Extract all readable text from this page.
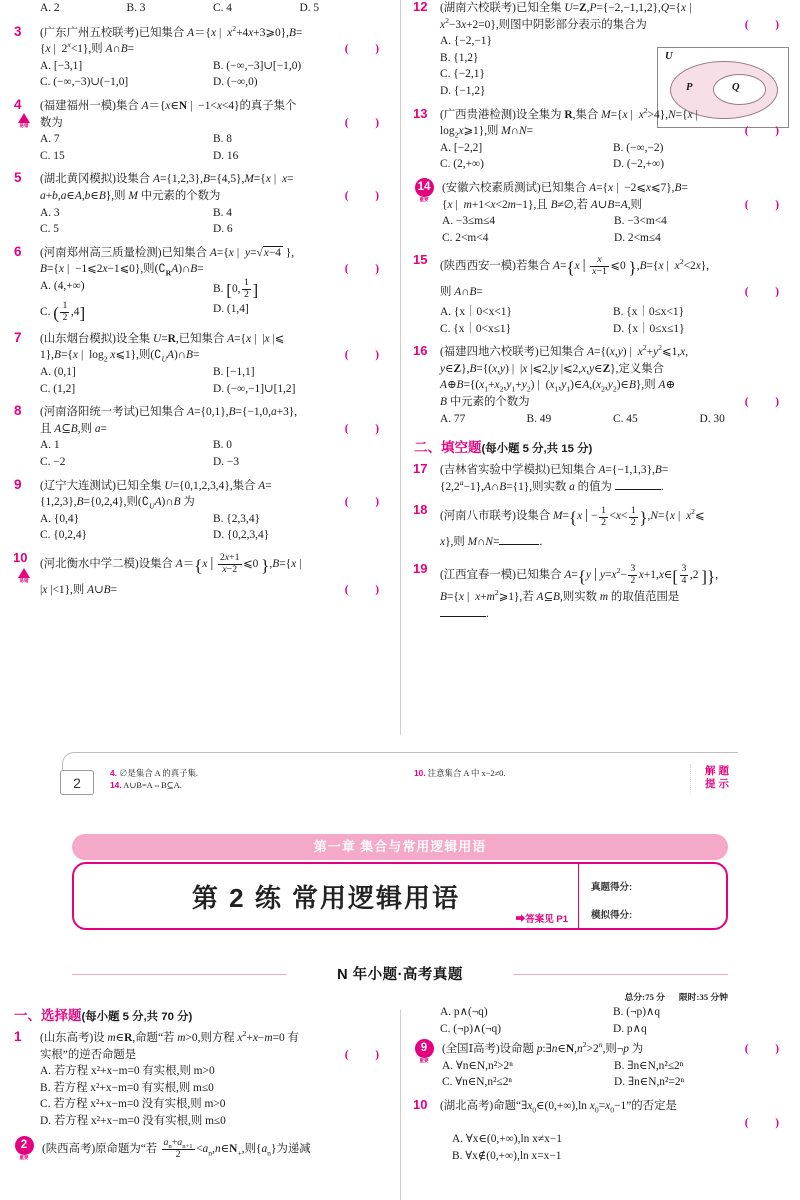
A. 2	B. 3	C. 4	D. 5
3 (广东广州五校联考)已知集合 A＝{x | $x^2+4x+3⩾0\},B=$
{x | $2^x<1$},则 A∩B=	(  )
A. [−3,1]	B. (−∞,−3]∪[−1,0)
C. (−∞,−3)∪(−1,0]	D. (−∞,0)
4
易错
(福建福州一模)集合 A＝{x∈N | −1<x<4}的真子集个
数为	(  )
A. 7	B. 8
C. 15	D. 16
5 (湖北黄冈模拟)设集合 A={1,2,3},B={4,5},M={x | x=
a+b,a∈A,b∈B},则 M 中元素的个数为	(  )
A. 3	B. 4
C. 5	D. 6
6 (河南郑州高三质量检测)已知集合 A={x | y=√x−4 },
B={x | −1⩽2x−1⩽0},则$(∁_RA)\cap B=$	(  )
A. (4,+∞)	B. [0, $\frac{1}{2}$ ]
C. ( $\frac{1}{2} ,4$]	D. (1,4]
7 (山东烟台模拟)设全集 U=R,已知集合 A={x | |x |⩽
1},B={x | $\log_2$ x⩽1},则$(∁_UA)\cap B=$	(  )
A. (0,1]	B. [−1,1]
C. (1,2]	D. (−∞,−1]∪[1,2]
8 (河南洛阳统一考试)已知集合 A={0,1},B={−1,0,a+3},
且 A⊆B,则 a=	(  )
A. 1	B. 0
C. −2	D. −3
9 (辽宁大连测试)已知全集 U={0,1,2,3,4},集合 A=
{1,2,3},B={0,2,4},则$(∁_UA)\cap B$ 为	(  )
A. {0,4}	B. {2,3,4}
C. {0,2,4}	D. {0,2,3,4}
10
易错
(河北衡水中学二模)设集合 A＝{x | $\frac{2x+1}{x-2}$ ⩽0 },B={x |
|x |<1},则 A∪B=	(  )
12 (湖南六校联考)已知全集 U=Z,P={−2,−1,1,2},Q={x |
$x^2-3x+2=0$},则图中阴影部分表示的集合为	(  )
A. {−2,−1}
B. {1,2}
C. {−2,1}
D. {−1,2}
U
P	Q
13 (广西贵港检测)设全集为 R,集合 M={x | $x^2>4\},N=\{x$ |
$\log_2x⩾1$},则 M∩N=	(  )
A. [−2,2]	B. (−∞,−2)
C. (2,+∞)	D. (−2,+∞)
14
重要
(安徽六校素质测试)已知集合 A={x | −2⩽x⩽7},B=
{x | m+1<x<2m−1},且 B≠∅,若 A∪B=A,则	(  )
A. −3≤m≤4	B. −3<m<4
C. 2<m<4	D. 2<m≤4
15 (陕西西安一模)若集合 A={x | $\frac{x}{x-1}$ ⩽0 },B={x | $x^2<2x$},
则 A∩B=	(  )
A. {x｜0<x<1}	B. {x｜0≤x<1}
C. {x｜0<x≤1}	D. {x｜0≤x≤1}
16 (福建四地六校联考)已知集合 A={(x,y) | $x^2+y^2⩽1,x$,
y∈Z},B={(x,y) | |x |⩽2,|y |⩽2,x,y∈Z},定义集合
$A\oplus B=\{(x_1+x_2,y_1+y_2)$ | $(x_1,y_1)\in A,(x_2,y_2)\in B$},则 A⊕
B 中元素的个数为	(  )
A. 77	B. 49	C. 45	D. 30
二、填空题(每小题 5 分,共 15 分)
17 (吉林省实验中学模拟)已知集合 A={−1,1,3},B=
{2,2$^a$−1},A∩B={1},则实数 a 的值为	.
18 (河南八市联考)设集合 M={x | − $\frac{1}{2} <x< \frac{1}{2} \},N=\{x$ | $x^2⩽$
x},则 M∩N=	.
19 (江西宜春一模)已知集合 A={y | $y=x^2- \frac{3}{2}$ x+1,x∈[ $\frac{3}{4} ,2$ ]},
B={x | $x+m^2⩾1$},若 A⊆B,则实数 m 的取值范围是
.
2
4. ∅是集合 A 的真子集.
14. A∪B=A⇔B⊆A.
10. 注意集合 A 中 x−2≠0.	解 题
提 示
第一章 集合与常用逻辑用语
第 2 练 常用逻辑用语
➡答案见 P1
真题得分:
模拟得分:
N 年小题·高考真题
总分:75 分 限时:35 分钟
一、选择题(每小题 5 分,共 70 分)
1 (山东高考)设 m∈R,命题“若 m>0,则方程 $x^2+x-m=0$ 有
实根”的逆否命题是	(  )
A. 若方程 x²+x−m=0 有实根,则 m>0
B. 若方程 x²+x−m=0 有实根,则 m≤0
C. 若方程 x²+x−m=0 没有实根,则 m>0
D. 若方程 x²+x−m=0 没有实根,则 m≤0
2
重要
(陕西高考)原命题为“若 $\frac{a_n+a_{n+1}}{2}$ $<a_n,n\in N_+$,则$\{a_n\}$为递减
A. p∧(¬q)	B. (¬p)∧q
C. (¬p)∧(¬q)	D. p∧q
9
重要
(全国Ⅰ高考)设命题 $p:\exists n\in N,n^2>2^n$,则¬p 为	(  )
A. ∀n∈N,n²>2ⁿ	B. ∃n∈N,n²≤2ⁿ
C. ∀n∈N,n²≤2ⁿ	D. ∃n∈N,n²=2ⁿ
10 (湖北高考)命题“$\exists x_0\in(0,+\infty),\ln$ $x_0=x_0-1$”的否定是

(  )
A. ∀x∈(0,+∞),ln x≠x−1
B. ∀x∉(0,+∞),ln x=x−1
